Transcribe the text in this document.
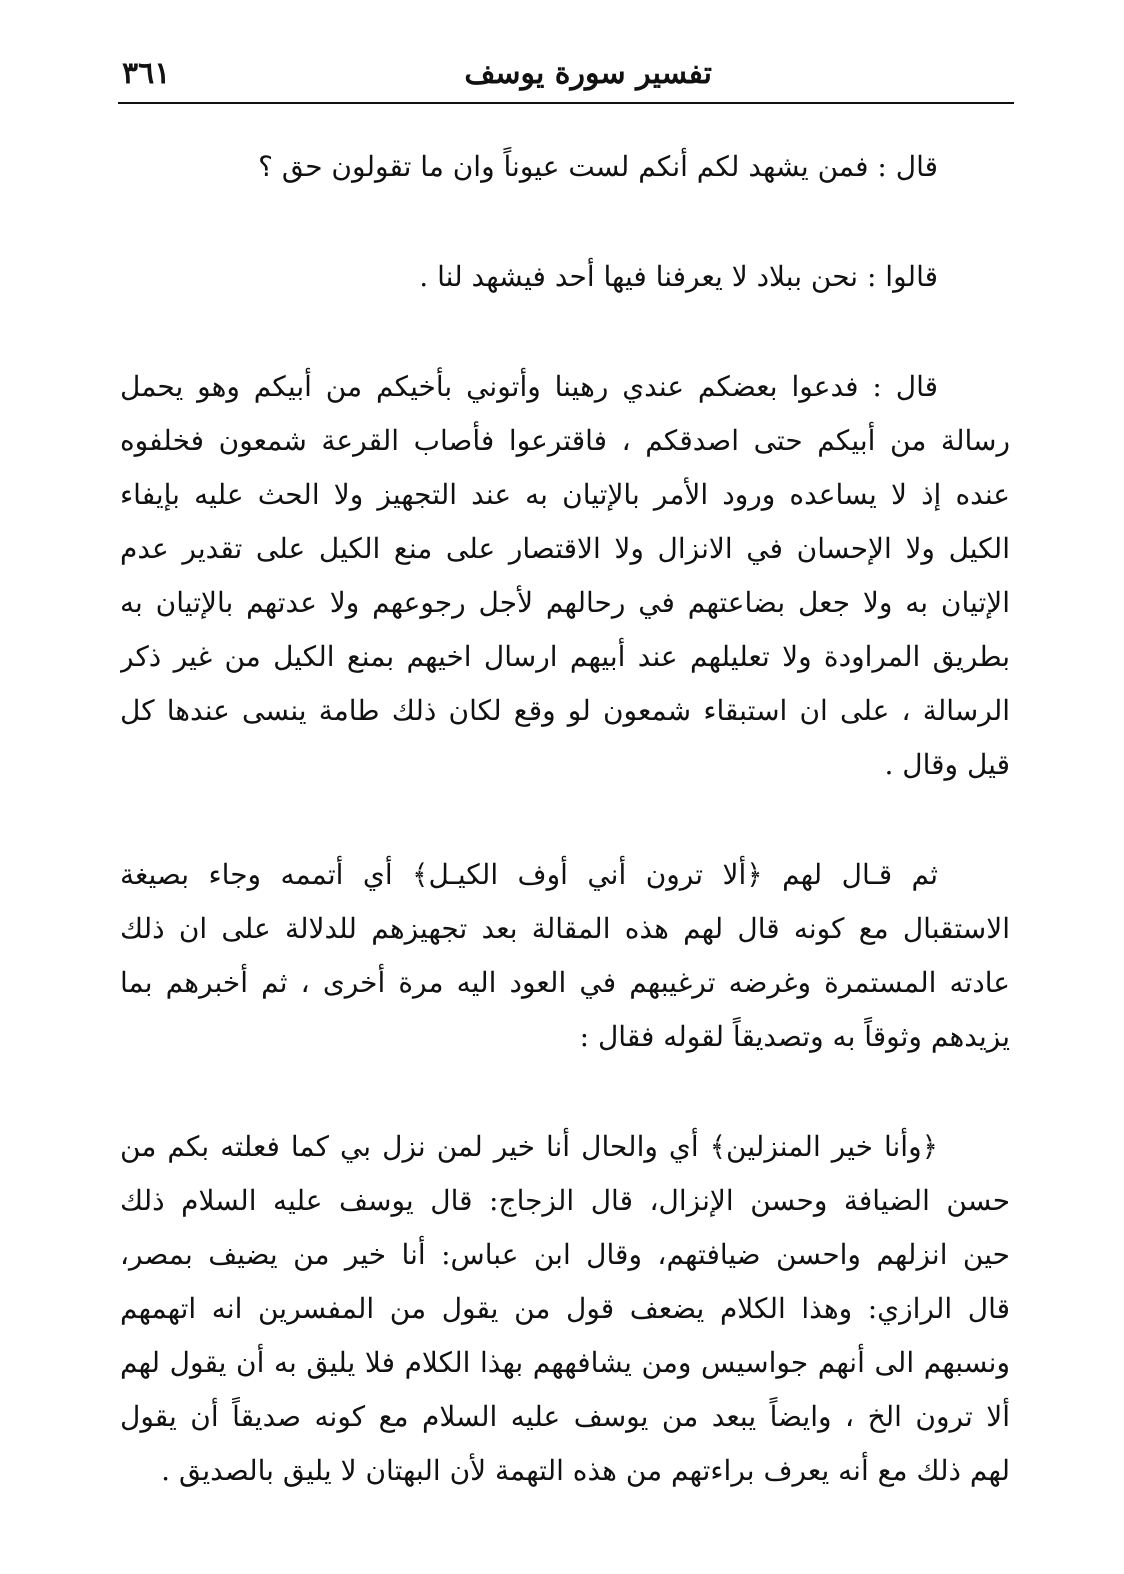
تفسير سورة يوسف
٣٦١
قال : فمن يشهد لكم أنكم لست عيوناً وان ما تقولون حق ؟
قالوا : نحن ببلاد لا يعرفنا فيها أحد فيشهد لنا .
قال : فدعوا بعضكم عندي رهينا وأتوني بأخيكم من أبيكم وهو يحمل
رسالة من أبيكم حتى اصدقكم ، فاقترعوا فأصاب القرعة شمعون فخلفوه
عنده إذ لا يساعده ورود الأمر بالإتيان به عند التجهيز ولا الحث عليه بإيفاء
الكيل ولا الإحسان في الانزال ولا الاقتصار على منع الكيل على تقدير عدم
الإتيان به ولا جعل بضاعتهم في رحالهم لأجل رجوعهم ولا عدتهم بالإتيان به
بطريق المراودة ولا تعليلهم عند أبيهم ارسال اخيهم بمنع الكيل من غير ذكر
الرسالة ، على ان استبقاء شمعون لو وقع لكان ذلك طامة ينسى عندها كل
قيل وقال .
ثم قـال لهم ﴿ألا ترون أني أوف الكيـل﴾ أي أتممه وجاء بصيغة
الاستقبال مع كونه قال لهم هذه المقالة بعد تجهيزهم للدلالة على ان ذلك
عادته المستمرة وغرضه ترغيبهم في العود اليه مرة أخرى ، ثم أخبرهم بما
يزيدهم وثوقاً به وتصديقاً لقوله فقال :
﴿وأنا خير المنزلين﴾ أي والحال أنا خير لمن نزل بي كما فعلته بكم من
حسن الضيافة وحسن الإنزال، قال الزجاج: قال يوسف عليه السلام ذلك
حين انزلهم واحسن ضيافتهم، وقال ابن عباس: أنا خير من يضيف بمصر،
قال الرازي: وهذا الكلام يضعف قول من يقول من المفسرين انه اتهمهم
ونسبهم الى أنهم جواسيس ومن يشافههم بهذا الكلام فلا يليق به أن يقول لهم
ألا ترون الخ ، وايضاً يبعد من يوسف عليه السلام مع كونه صديقاً أن يقول
لهم ذلك مع أنه يعرف براءتهم من هذه التهمة لأن البهتان لا يليق بالصديق .
